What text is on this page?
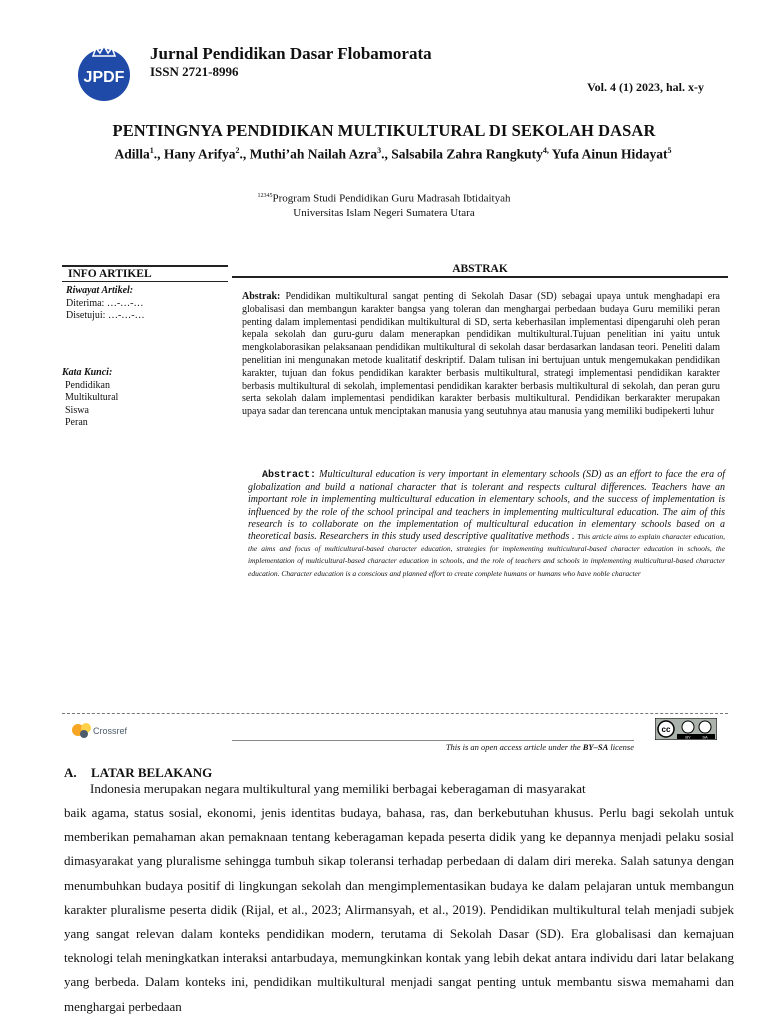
JPDF
Jurnal Pendidikan Dasar Flobamorata
ISSN 2721-8996
Vol. 4 (1) 2023, hal. x-y
PENTINGNYA PENDIDIKAN MULTIKULTURAL DI SEKOLAH DASAR
Adilla$^1$., Hany Arifya$^2$., Muthi’ah Nailah Azra$^3$., Salsabila Zahra Rangkuty$^{4,}$ Yufa Ainun Hidayat$^5$
$^{12345}$Program Studi Pendidikan Guru Madrasah Ibtidaityah
Universitas Islam Negeri Sumatera Utara
INFO ARTIKEL
Riwayat Artikel:
Diterima: …-…-…
Disetujui: …-…-…
Kata Kunci:
Pendidikan
Multikultural
Siswa
Peran
ABSTRAK
Abstrak: Pendidikan multikultural sangat penting di Sekolah Dasar (SD) sebagai upaya untuk menghadapi era globalisasi dan membangun karakter bangsa yang toleran dan menghargai perbedaan budaya Guru memiliki peran penting dalam implementasi pendidikan multikultural di SD, serta keberhasilan implementasi dipengaruhi oleh peran kepala sekolah dan guru-guru dalam menerapkan pendidikan multikultural.Tujuan penelitian ini yaitu untuk mengkolaborasikan pelaksanaan pendidikan multikultural di sekolah dasar berdasarkan landasan teori. Peneliti dalam penelitian ini mengunakan metode kualitatif deskriptif. Dalam tulisan ini bertujuan untuk mengemukakan pendidikan karakter, tujuan dan fokus pendidikan karakter berbasis multikultural, strategi implementasi pendidikan karakter berbasis multikultural di sekolah, implementasi pendidikan karakter berbasis multikultural di sekolah, dan peran guru serta sekolah dalam implementasi pendidikan karakter berbasis multikultural. Pendidikan berkarakter merupakan upaya sadar dan terencana untuk menciptakan manusia yang seutuhnya atau manusia yang memiliki budipekerti luhur
Abstract: Multicultural education is very important in elementary schools (SD) as an effort to face the era of globalization and build a national character that is tolerant and respects cultural differences. Teachers have an important role in implementing multicultural education in elementary schools, and the success of implementation is influenced by the role of the school principal and teachers in implementing multicultural education. The aim of this research is to collaborate on the implementation of multicultural education in elementary schools based on a theoretical basis. Researchers in this study used descriptive qualitative methods . This article aims to explain character education, the aims and focus of multicultural-based character education, strategies for implementing multicultural-based character education in schools, the implementation of multicultural-based character education in schools, and the role of teachers and schools in implementing multicultural-based character education. Character education is a conscious and planned effort to create complete humans or humans who have noble character
Crossref	cc
BY	SA
This is an open access article under the BY–SA license
A. LATAR BELAKANG
Indonesia merupakan negara multikultural yang memiliki berbagai keberagaman di masyarakat
baik agama, status sosial, ekonomi, jenis identitas budaya, bahasa, ras, dan berkebutuhan khusus. Perlu bagi sekolah untuk memberikan pemahaman akan pemaknaan tentang keberagaman kepada peserta didik yang ke depannya menjadi pelaku sosial dimasyarakat yang pluralisme sehingga tumbuh sikap toleransi terhadap perbedaan di dalam diri mereka. Salah satunya dengan menumbuhkan budaya positif di lingkungan sekolah dan mengimplementasikan budaya ke dalam pelajaran untuk membangun karakter pluralisme peserta didik (Rijal, et al., 2023; Alirmansyah, et al., 2019). Pendidikan multikultural telah menjadi subjek yang sangat relevan dalam konteks pendidikan modern, terutama di Sekolah Dasar (SD). Era globalisasi dan kemajuan teknologi telah meningkatkan interaksi antarbudaya, memungkinkan kontak yang lebih dekat antara individu dari latar belakang yang berbeda. Dalam konteks ini, pendidikan multikultural menjadi sangat penting untuk membantu siswa memahami dan menghargai perbedaan
